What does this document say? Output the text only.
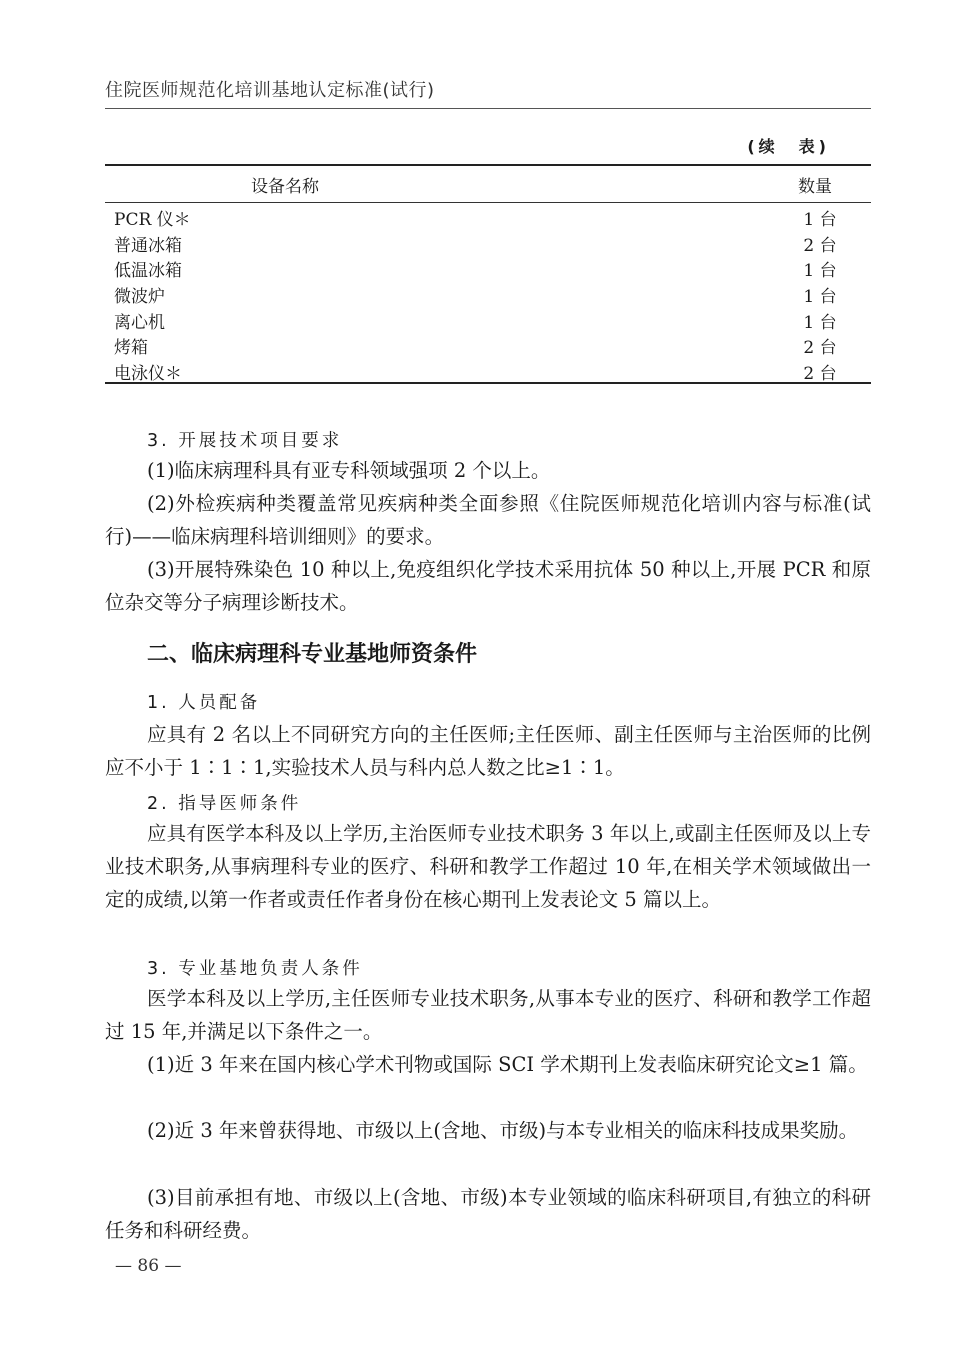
住院医师规范化培训基地认定标准(试行)
(续　表)
设备名称	数量
PCR 仪＊	1 台
普通冰箱	2 台
低温冰箱	1 台
微波炉	1 台
离心机	1 台
烤箱	2 台
电泳仪＊	2 台
3. 开展技术项目要求
(1)临床病理科具有亚专科领域强项 2 个以上。
(2)外检疾病种类覆盖常见疾病种类全面参照《住院医师规范化培训内容与标准(试行)——临床病理科培训细则》的要求。
(3)开展特殊染色 10 种以上,免疫组织化学技术采用抗体 50 种以上,开展 PCR 和原位杂交等分子病理诊断技术。
二、临床病理科专业基地师资条件
1. 人员配备
应具有 2 名以上不同研究方向的主任医师;主任医师、副主任医师与主治医师的比例应不小于 1∶1∶1,实验技术人员与科内总人数之比≥1∶1。
2. 指导医师条件
应具有医学本科及以上学历,主治医师专业技术职务 3 年以上,或副主任医师及以上专业技术职务,从事病理科专业的医疗、科研和教学工作超过 10 年,在相关学术领域做出一定的成绩,以第一作者或责任作者身份在核心期刊上发表论文 5 篇以上。
3. 专业基地负责人条件
医学本科及以上学历,主任医师专业技术职务,从事本专业的医疗、科研和教学工作超过 15 年,并满足以下条件之一。
(1)近 3 年来在国内核心学术刊物或国际 SCI 学术期刊上发表临床研究论文≥1 篇。
(2)近 3 年来曾获得地、市级以上(含地、市级)与本专业相关的临床科技成果奖励。
(3)目前承担有地、市级以上(含地、市级)本专业领域的临床科研项目,有独立的科研任务和科研经费。
— 86 —
